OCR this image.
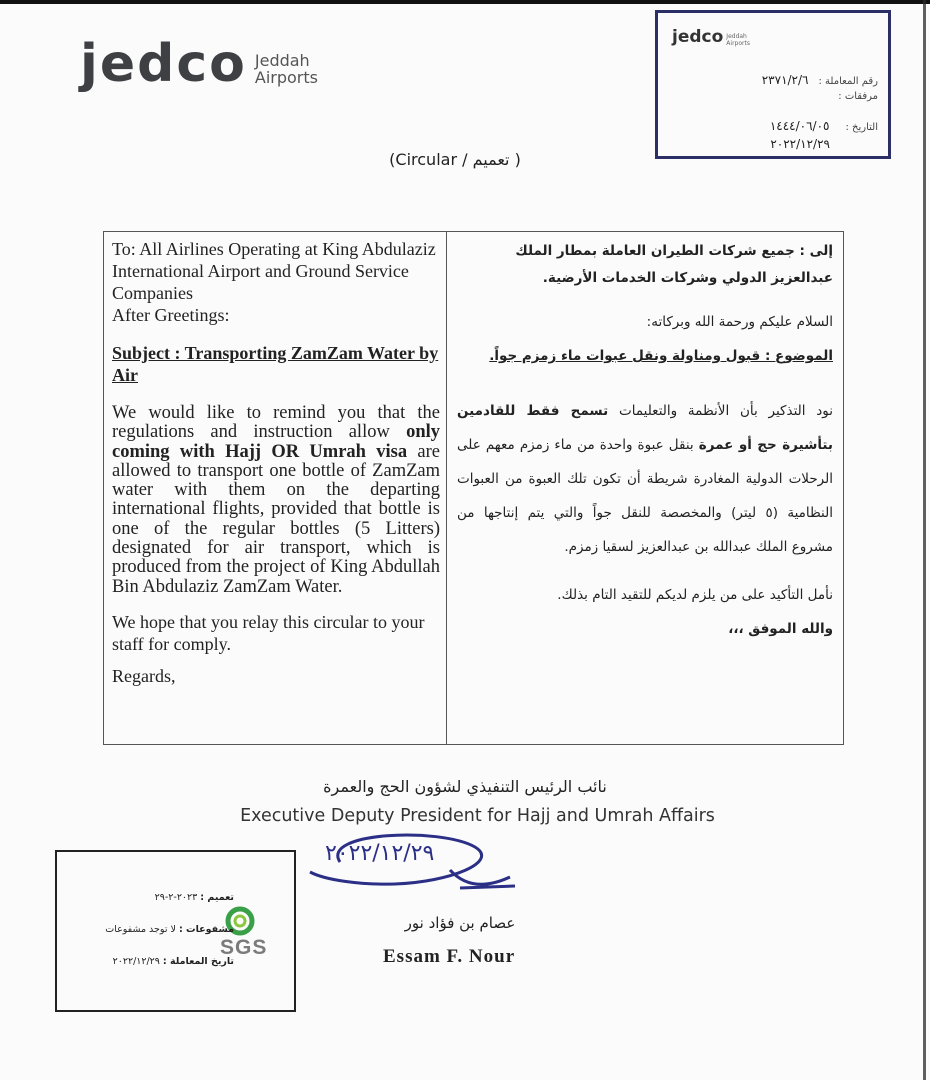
jedco Jeddah
Airports
jedco Jeddah Airports
رقم المعاملة :٢٣٧١/٢/٦
مرفقات :
التاريخ :١٤٤٤/٠٦/٠٥
٢٠٢٢/١٢/٢٩
(Circular / تعميم )

To: All Airlines Operating at King Abdulaziz International Airport and Ground Service Companies

After Greetings:

Subject : Transporting ZamZam Water by Air

We would like to remind you that the regulations and instruction allow only coming with Hajj OR Umrah visa are allowed to transport one bottle of ZamZam water with them on the departing international flights, provided that bottle is one of the regular bottles (5 Litters) designated for air transport, which is produced from the project of King Abdullah Bin Abdulaziz ZamZam Water.

We hope that you relay this circular to your staff for comply.

Regards,

إلى : جميع شركات الطيران العاملة بمطار الملك عبدالعزيز الدولي وشركات الخدمات الأرضية.
السلام عليكم ورحمة الله وبركاته:
الموضوع : قبول ومناولة ونقل عبوات ماء زمزم جواً.
نود التذكير بأن الأنظمة والتعليمات تسمح فقط للقادمين بتأشيرة حج أو عمرة بنقل عبوة واحدة من ماء زمزم معهم على الرحلات الدولية المغادرة شريطة أن تكون تلك العبوة من العبوات النظامية (٥ ليتر) والمخصصة للنقل جواً والتي يتم إنتاجها من مشروع الملك عبدالله بن عبدالعزيز لسقيا زمزم.
نأمل التأكيد على من يلزم لديكم للتقيد التام بذلك.
والله الموفق ،،،
نائب الرئيس التنفيذي لشؤون الحج والعمرة
Executive Deputy President for Hajj and Umrah Affairs
٢٠٢٢/١٢/٢٩
عصام بن فؤاد نور
Essam F. Nour
SGS
تعميم : ٢٠٢٣-٢-٢٩
مشفوعات : لا توجد مشفوعات
تاريخ المعاملة : ٢٠٢٢/١٢/٢٩
